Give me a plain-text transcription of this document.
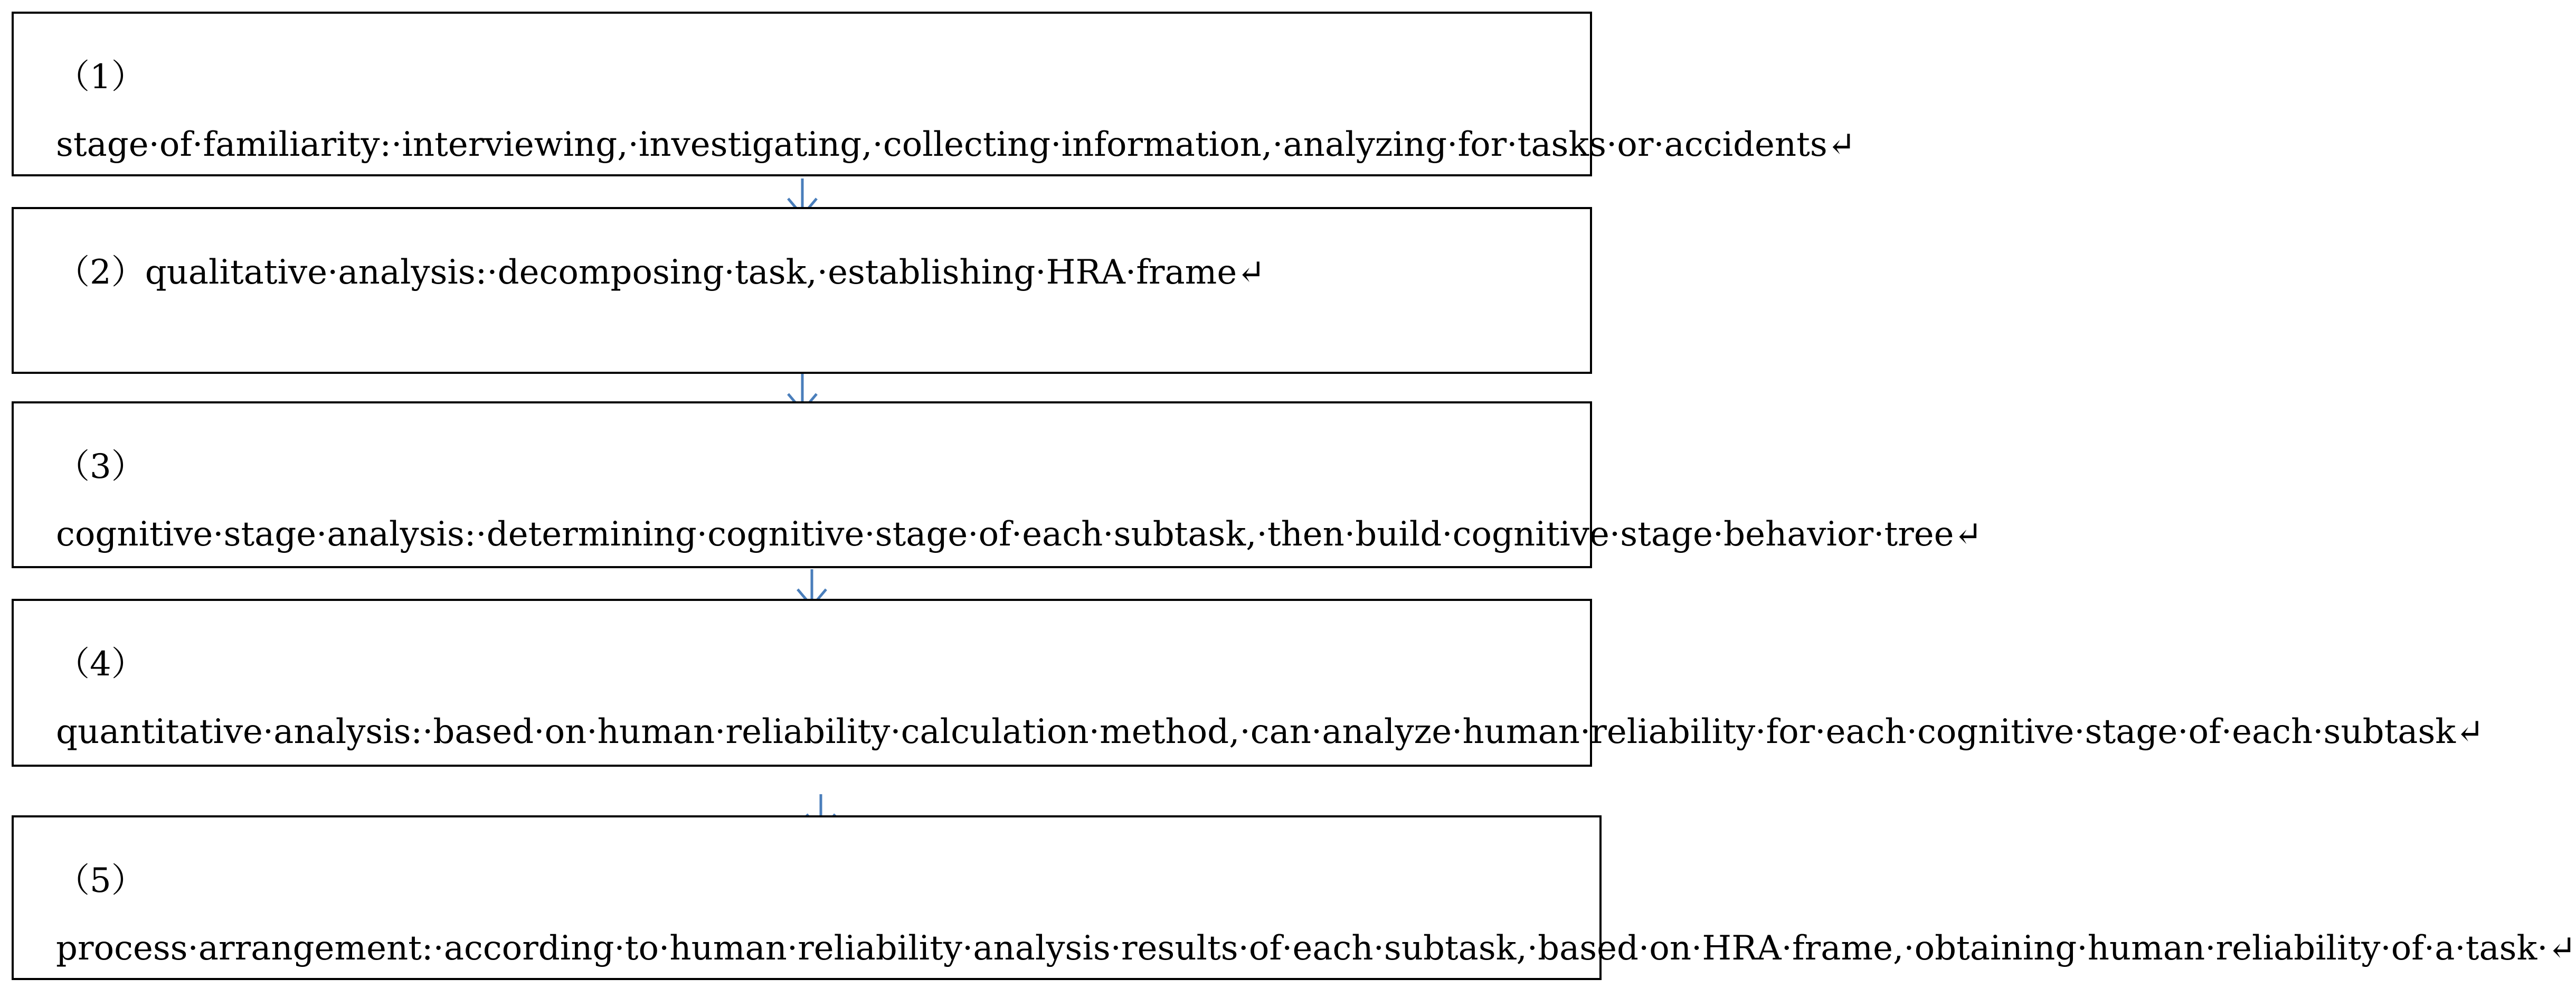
（1）stage·of·familiarity:·interviewing,·investigating,·collecting·information,·analyzing·for·tasks·or·accidents↵
（2）qualitative·analysis:·decomposing·task,·establishing·HRA·frame↵
（3）cognitive·stage·analysis:·determining·cognitive·stage·of·each·subtask,·then·build·cognitive·stage·behavior·tree↵
（4）quantitative·analysis:·based·on·human·reliability·calculation·method,·can·analyze·human·reliability·for·each·cognitive·stage·of·each·subtask↵
（5）process·arrangement:·according·to·human·reliability·analysis·results·of·each·subtask,·based·on·HRA·frame,·obtaining·human·reliability·of·a·task·↵
